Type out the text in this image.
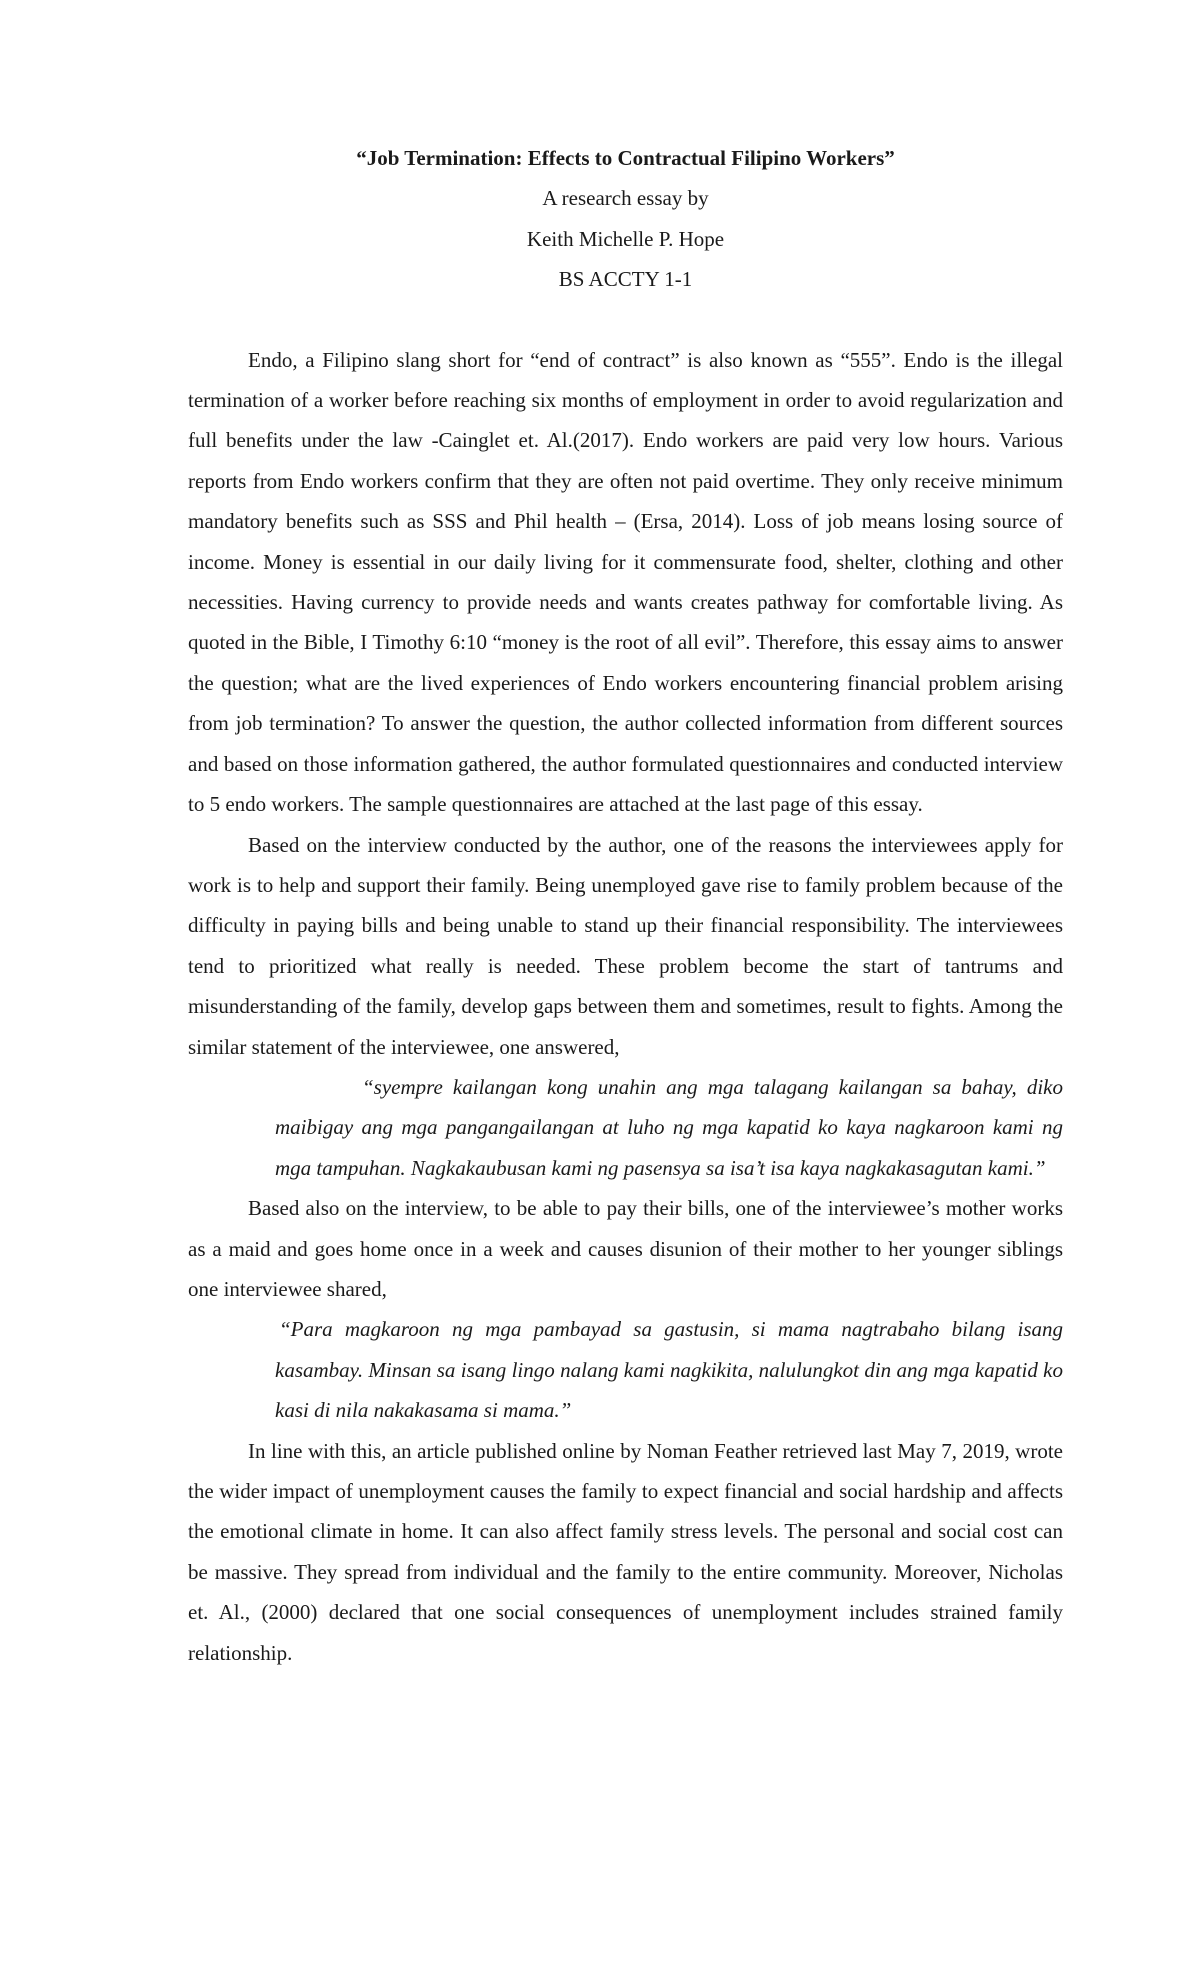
“Job Termination: Effects to Contractual Filipino Workers”

A research essay by

Keith Michelle P. Hope

BS ACCTY 1-1

Endo, a Filipino slang short for “end of contract” is also known as “555”. Endo is the illegal termination of a worker before reaching six months of employment in order to avoid regularization and full benefits under the law -Cainglet et. Al.(2017). Endo workers are paid very low hours. Various reports from Endo workers confirm that they are often not paid overtime. They only receive minimum mandatory benefits such as SSS and Phil health – (Ersa, 2014). Loss of job means losing source of income. Money is essential in our daily living for it commensurate food, shelter, clothing and other necessities. Having currency to provide needs and wants creates pathway for comfortable living. As quoted in the Bible, I Timothy 6:10 “money is the root of all evil”. Therefore, this essay aims to answer the question; what are the lived experiences of Endo workers encountering financial problem arising from job termination? To answer the question, the author collected information from different sources and based on those information gathered, the author formulated questionnaires and conducted interview to 5 endo workers. The sample questionnaires are attached at the last page of this essay.

Based on the interview conducted by the author, one of the reasons the interviewees apply for work is to help and support their family. Being unemployed gave rise to family problem because of the difficulty in paying bills and being unable to stand up their financial responsibility. The interviewees tend to prioritized what really is needed. These problem become the start of tantrums and misunderstanding of the family, develop gaps between them and sometimes, result to fights. Among the similar statement of the interviewee, one answered,

“syempre kailangan kong unahin ang mga talagang kailangan sa bahay, diko maibigay ang mga pangangailangan at luho ng mga kapatid ko kaya nagkaroon kami ng mga tampuhan. Nagkakaubusan kami ng pasensya sa isa’t isa kaya nagkakasagutan kami.”

Based also on the interview, to be able to pay their bills, one of the interviewee’s mother works as a maid and goes home once in a week and causes disunion of their mother to her younger siblings one interviewee shared,

“Para magkaroon ng mga pambayad sa gastusin, si mama nagtrabaho bilang isang kasambay. Minsan sa isang lingo nalang kami nagkikita, nalulungkot din ang mga kapatid ko kasi di nila nakakasama si mama.”

In line with this, an article published online by Noman Feather retrieved last May 7, 2019, wrote the wider impact of unemployment causes the family to expect financial and social hardship and affects the emotional climate in home. It can also affect family stress levels. The personal and social cost can be massive. They spread from individual and the family to the entire community. Moreover, Nicholas et. Al., (2000) declared that one social consequences of unemployment includes strained family relationship.
